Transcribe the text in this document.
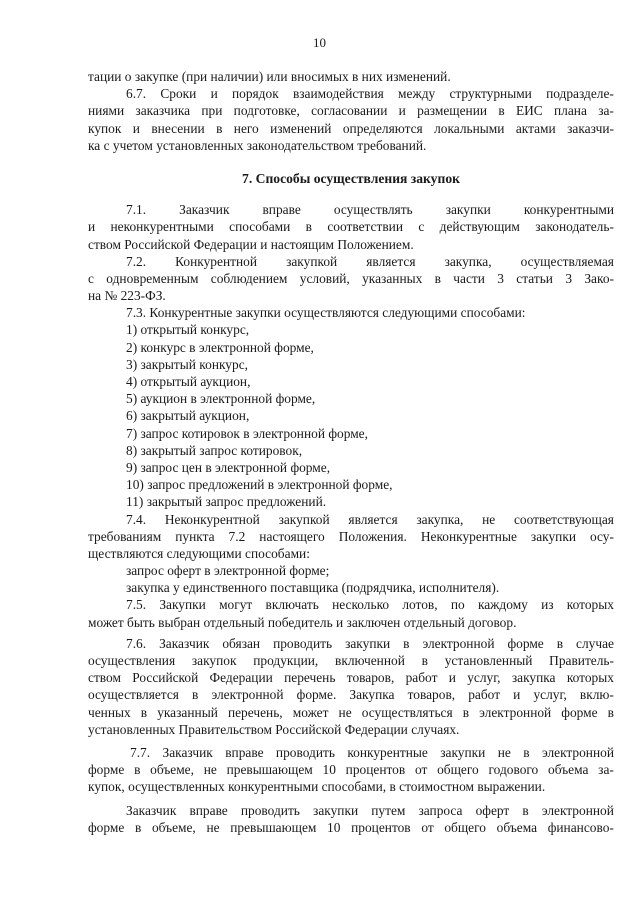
10
тации о закупке (при наличии) или вносимых в них изменений.
6.7. Сроки и порядок взаимодействия между структурными подразделе-
ниями заказчика при подготовке, согласовании и размещении в ЕИС плана за-
купок и внесении в него изменений определяются локальными актами заказчи-
ка с учетом установленных законодательством требований.
7. Способы осуществления закупок
7.1. Заказчик вправе осуществлять закупки конкурентными
и неконкурентными способами в соответствии с действующим законодатель-
ством Российской Федерации и настоящим Положением.
7.2. Конкурентной закупкой является закупка, осуществляемая
с одновременным соблюдением условий, указанных в части 3 статьи 3 Зако-
на № 223-ФЗ.
7.3. Конкурентные закупки осуществляются следующими способами:
1) открытый конкурс,
2) конкурс в электронной форме,
3) закрытый конкурс,
4) открытый аукцион,
5) аукцион в электронной форме,
6) закрытый аукцион,
7) запрос котировок в электронной форме,
8) закрытый запрос котировок,
9) запрос цен в электронной форме,
10) запрос предложений в электронной форме,
11) закрытый запрос предложений.
7.4. Неконкурентной закупкой является закупка, не соответствующая
требованиям пункта 7.2 настоящего Положения. Неконкурентные закупки осу-
ществляются следующими способами:
запрос оферт в электронной форме;
закупка у единственного поставщика (подрядчика, исполнителя).
7.5. Закупки могут включать несколько лотов, по каждому из которых
может быть выбран отдельный победитель и заключен отдельный договор.
7.6. Заказчик обязан проводить закупки в электронной форме в случае
осуществления закупок продукции, включенной в установленный Правитель-
ством Российской Федерации перечень товаров, работ и услуг, закупка которых
осуществляется в электронной форме. Закупка товаров, работ и услуг, вклю-
ченных в указанный перечень, может не осуществляться в электронной форме в
установленных Правительством Российской Федерации случаях.
7.7. Заказчик вправе проводить конкурентные закупки не в электронной
форме в объеме, не превышающем 10 процентов от общего годового объема за-
купок, осуществленных конкурентными способами, в стоимостном выражении.
Заказчик вправе проводить закупки путем запроса оферт в электронной
форме в объеме, не превышающем 10 процентов от общего объема финансово-
